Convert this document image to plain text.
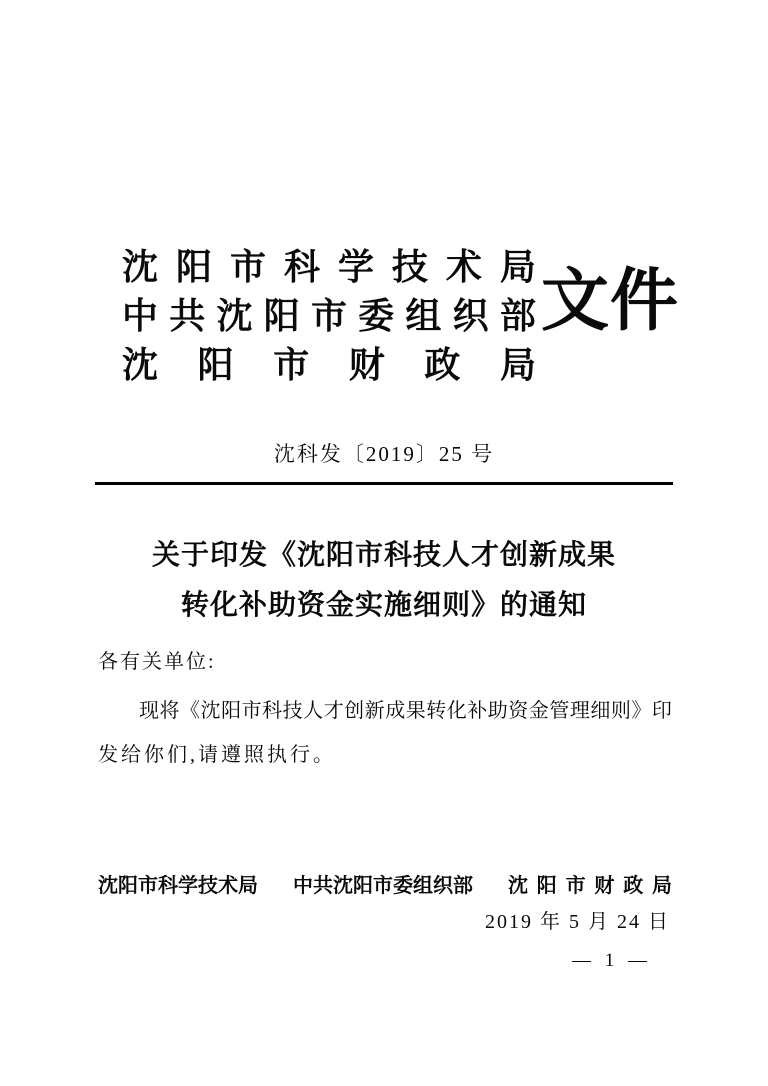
沈 阳 市 科 学 技 术 局
中 共 沈 阳 市 委 组 织 部
沈 阳 市 财 政 局
文件
沈科发〔2019〕25 号
关于印发《沈阳市科技人才创新成果
转化补助资金实施细则》的通知
各有关单位:
现 将 《 沈 阳 市 科 技 人 才 创 新 成 果 转 化 补 助 资 金 管 理 细 则 》 印
发给你们,请遵照执行。
沈阳市科学技术局 中共沈阳市委组织部 沈 阳 市 财 政 局
2019 年 5 月 24 日
— 1 —
